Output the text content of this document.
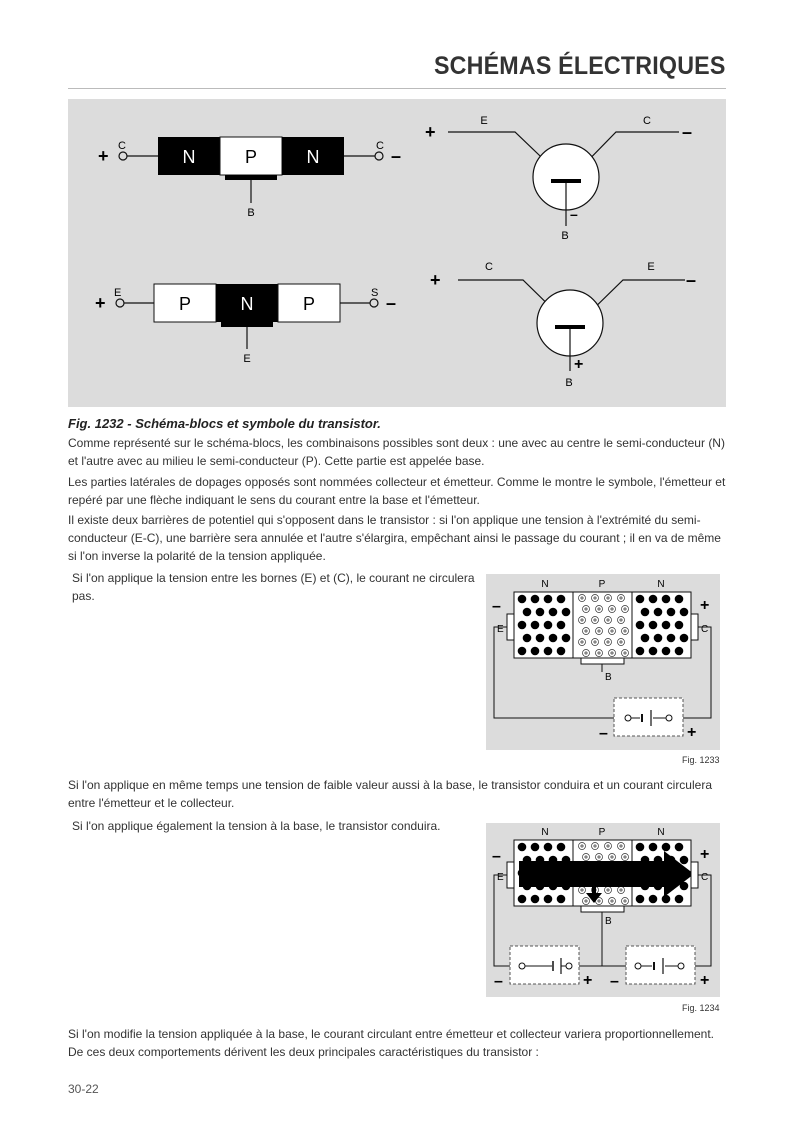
SCHÉMAS ÉLECTRIQUES
+ C
N	P	N
B
C –
+ E
P	N	P
E
S –
+
E	C
–
–
B
+
C	E
–
+
B
Fig. 1232 - Schéma-blocs et symbole du transistor.

Comme représenté sur le schéma-blocs, les combinaisons possibles sont deux : une avec au centre le semi-conducteur (N) et l'autre avec au milieu le semi-conducteur (P). Cette partie est appelée base.

Les parties latérales de dopages opposés sont nommées collecteur et émetteur. Comme le montre le symbole, l'émetteur et repéré par une flèche indiquant le sens du courant entre la base et l'émetteur.

Il existe deux barrières de potentiel qui s'opposent dans le transistor : si l'on applique une tension à l'extrémité du semi-conducteur (E-C), une barrière sera annulée et l'autre s'élargira, empêchant ainsi le passage du courant ; il en va de même si l'on inverse la polarité de la tension appliquée.

Si l'on applique la tension entre les bornes (E) et (C), le courant ne circulera pas.

N	P	N
E	C
–	+
B
–	+
Fig. 1233

Si l'on applique en même temps une tension de faible valeur aussi à la base, le transistor conduira et un courant circulera entre l'émetteur et le collecteur.

Si l'on applique également la tension à la base, le transistor conduira.	N	P	N
E	C
–	+
B
–	+ –	+
Fig. 1234

Si l'on modifie la tension appliquée à la base, le courant circulant entre émetteur et collecteur variera proportionnellement. De ces deux comportements dérivent les deux principales caractéristiques du transistor :

30-22
